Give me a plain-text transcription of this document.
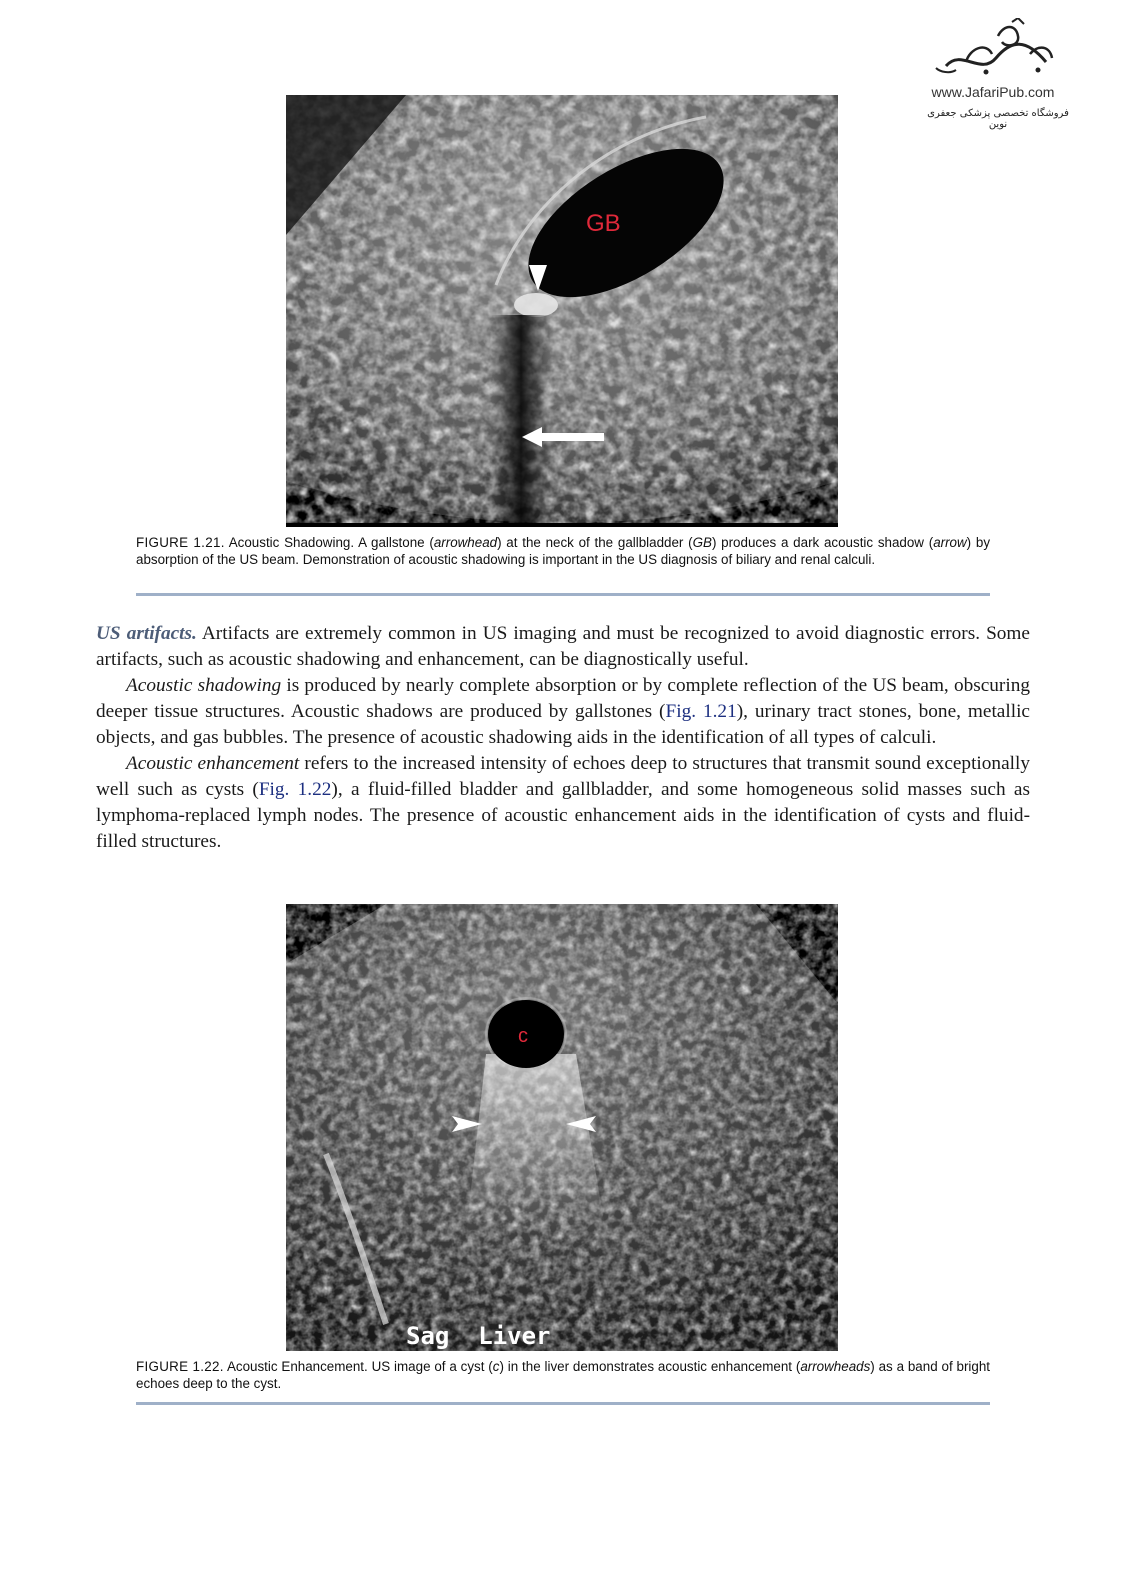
www.JafariPub.com
فروشگاه تخصصی پزشکی جعفری نوین
GB
FIGURE 1.21. Acoustic Shadowing. A gallstone (arrowhead) at the neck of the gallbladder (GB) produces a dark acoustic shadow (arrow) by absorption of the US beam. Demonstration of acoustic shadowing is important in the US diagnosis of biliary and renal calculi.

US artifacts. Artifacts are extremely common in US imaging and must be recognized to avoid diagnostic errors. Some artifacts, such as acoustic shadowing and enhancement, can be diagnostically useful.

Acoustic shadowing is produced by nearly complete absorption or by complete reflection of the US beam, obscuring deeper tissue structures. Acoustic shadows are produced by gallstones (Fig. 1.21), urinary tract stones, bone, metallic objects, and gas bubbles. The presence of acoustic shadowing aids in the identification of all types of calculi.

Acoustic enhancement refers to the increased intensity of echoes deep to structures that transmit sound exceptionally well such as cysts (Fig. 1.22), a fluid-filled bladder and gallbladder, and some homogeneous solid masses such as lymphoma-replaced lymph nodes. The presence of acoustic enhancement aids in the identification of cysts and fluid-filled structures.

c
Sag  Liver
FIGURE 1.22. Acoustic Enhancement. US image of a cyst (c) in the liver demonstrates acoustic enhancement (arrowheads) as a band of bright echoes deep to the cyst.
